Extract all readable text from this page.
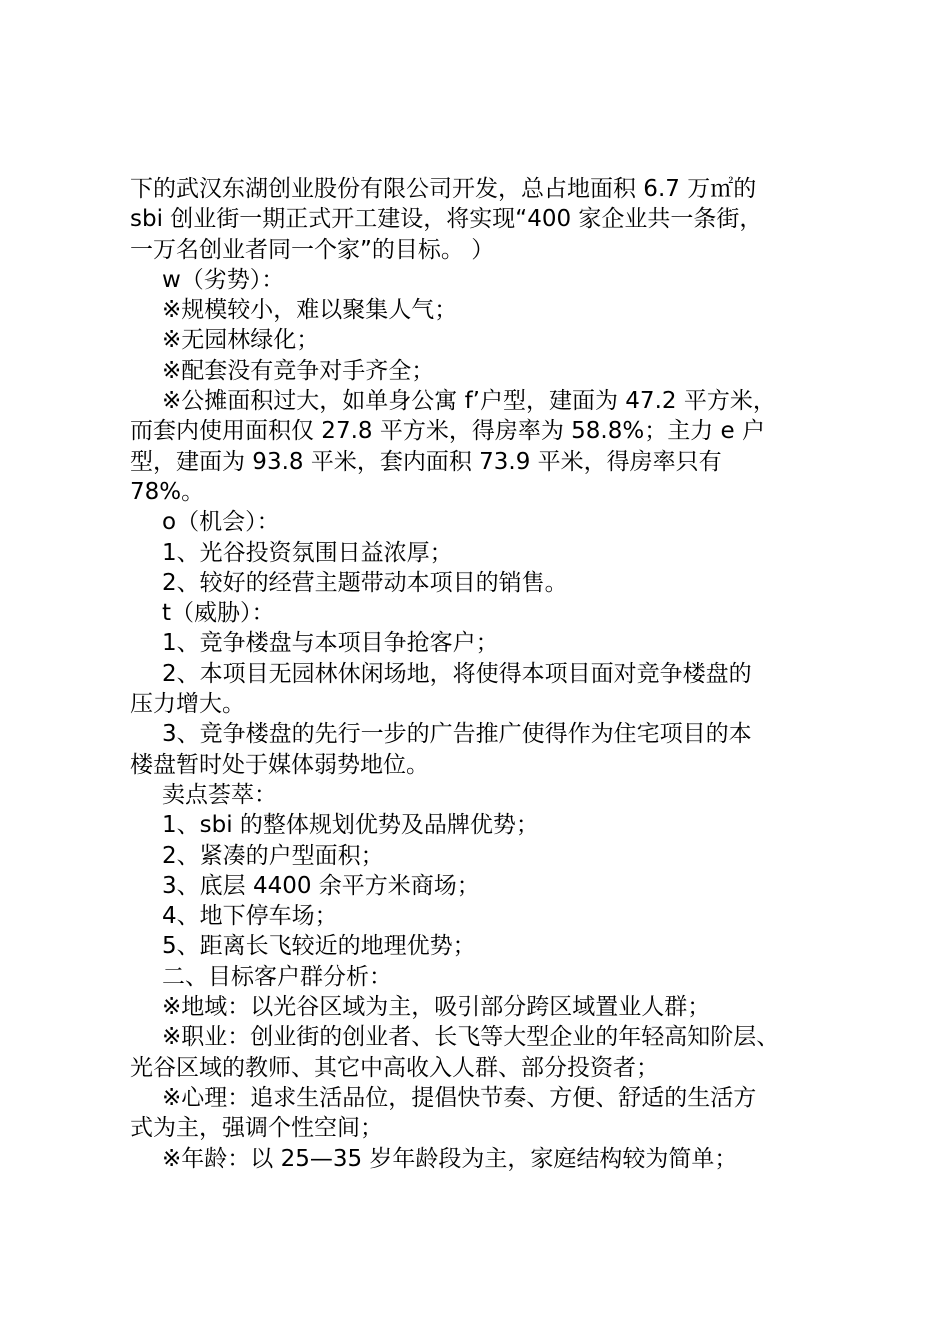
下的武汉东湖创业股份有限公司开发，总占地面积 6.7 万㎡的
sbi 创业街一期正式开工建设，将实现“400 家企业共一条街，
一万名创业者同一个家”的目标。 ）
w（劣势）：
※规模较小，难以聚集人气；
※无园林绿化；
※配套没有竞争对手齐全；
※公摊面积过大，如单身公寓 f’户型，建面为 47.2 平方米，
而套内使用面积仅 27.8 平方米，得房率为 58.8%；主力 e 户
型，建面为 93.8 平米，套内面积 73.9 平米，得房率只有
78%。
o（机会）：
1、光谷投资氛围日益浓厚；
2、较好的经营主题带动本项目的销售。
t（威胁）：
1、竞争楼盘与本项目争抢客户；
2、本项目无园林休闲场地，将使得本项目面对竞争楼盘的
压力增大。
3、竞争楼盘的先行一步的广告推广使得作为住宅项目的本
楼盘暂时处于媒体弱势地位。
卖点荟萃：
1、sbi 的整体规划优势及品牌优势；
2、紧凑的户型面积；
3、底层 4400 余平方米商场；
4、地下停车场；
5、距离长飞较近的地理优势；
二、目标客户群分析：
※地域：以光谷区域为主，吸引部分跨区域置业人群；
※职业：创业街的创业者、长飞等大型企业的年轻高知阶层、
光谷区域的教师、其它中高收入人群、部分投资者；
※心理：追求生活品位，提倡快节奏、方便、舒适的生活方
式为主，强调个性空间；
※年龄：以 25—35 岁年龄段为主，家庭结构较为简单；
